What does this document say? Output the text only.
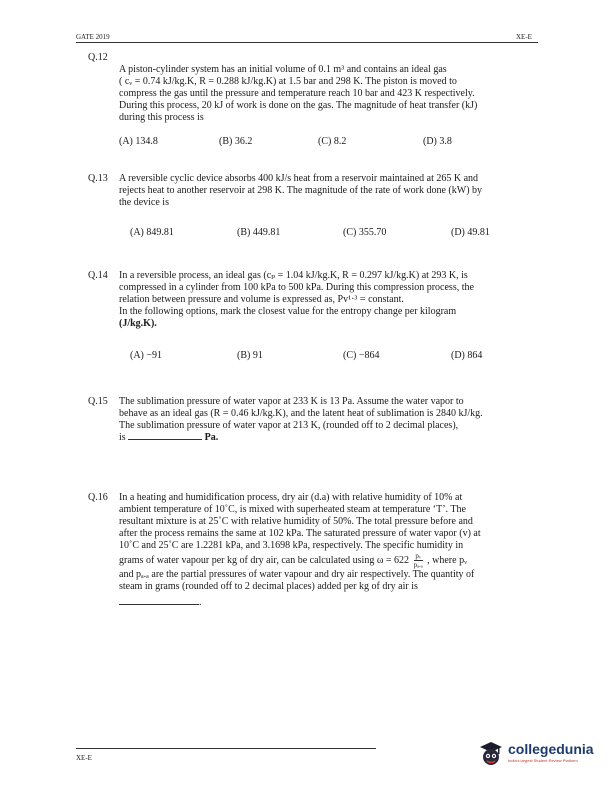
GATE 2019	XE-E
Q.12
A piston-cylinder system has an initial volume of 0.1 m³ and contains an ideal gas
( cᵥ = 0.74 kJ/kg.K, R = 0.288 kJ/kg.K) at 1.5 bar and 298 K. The piston is moved to
compress the gas until the pressure and temperature reach 10 bar and 423 K respectively.
During this process, 20 kJ of work is done on the gas. The magnitude of heat transfer (kJ)
during this process is
(A) 134.8	(B) 36.2	(C) 8.2	(D) 3.8
Q.13 A reversible cyclic device absorbs 400 kJ/s heat from a reservoir maintained at 265 K and
rejects heat to another reservoir at 298 K. The magnitude of the rate of work done (kW) by
the device is
(A) 849.81	(B) 449.81	(C) 355.70	(D) 49.81
Q.14 In a reversible process, an ideal gas (cₚ = 1.04 kJ/kg.K, R = 0.297 kJ/kg.K) at 293 K, is
compressed in a cylinder from 100 kPa to 500 kPa. During this compression process, the
relation between pressure and volume is expressed as, Pv¹·³ = constant.
In the following options, mark the closest value for the entropy change per kilogram
(J/kg.K).
(A) −91	(B) 91	(C) −864	(D) 864
Q.15 The sublimation pressure of water vapor at 233 K is 13 Pa. Assume the water vapor to
behave as an ideal gas (R = 0.46 kJ/kg.K), and the latent heat of sublimation is 2840 kJ/kg.
The sublimation pressure of water vapor at 213 K, (rounded off to 2 decimal places),
is	Pa.
Q.16 In a heating and humidification process, dry air (d.a) with relative humidity of 10% at
ambient temperature of 10˚C, is mixed with superheated steam at temperature ‘T’. The
resultant mixture is at 25˚C with relative humidity of 50%. The total pressure before and
after the process remains the same at 102 kPa. The saturated pressure of water vapor (v) at
10˚C and 25˚C are 1.2281 kPa, and 3.1698 kPa, respectively. The specific humidity in
grams of water vapour per kg of dry air, can be calculated using $\omega = 622 \frac{\text{pᵥ}}{\text{pₐ.ₐ}}$ , where pᵥ
and pₐ.ₐ are the partial pressures of water vapour and dry air respectively. The quantity of
steam in grams (rounded off to 2 decimal places) added per kg of dry air is
.
XE-E
collegedunia
India's largest Student Review Platform
